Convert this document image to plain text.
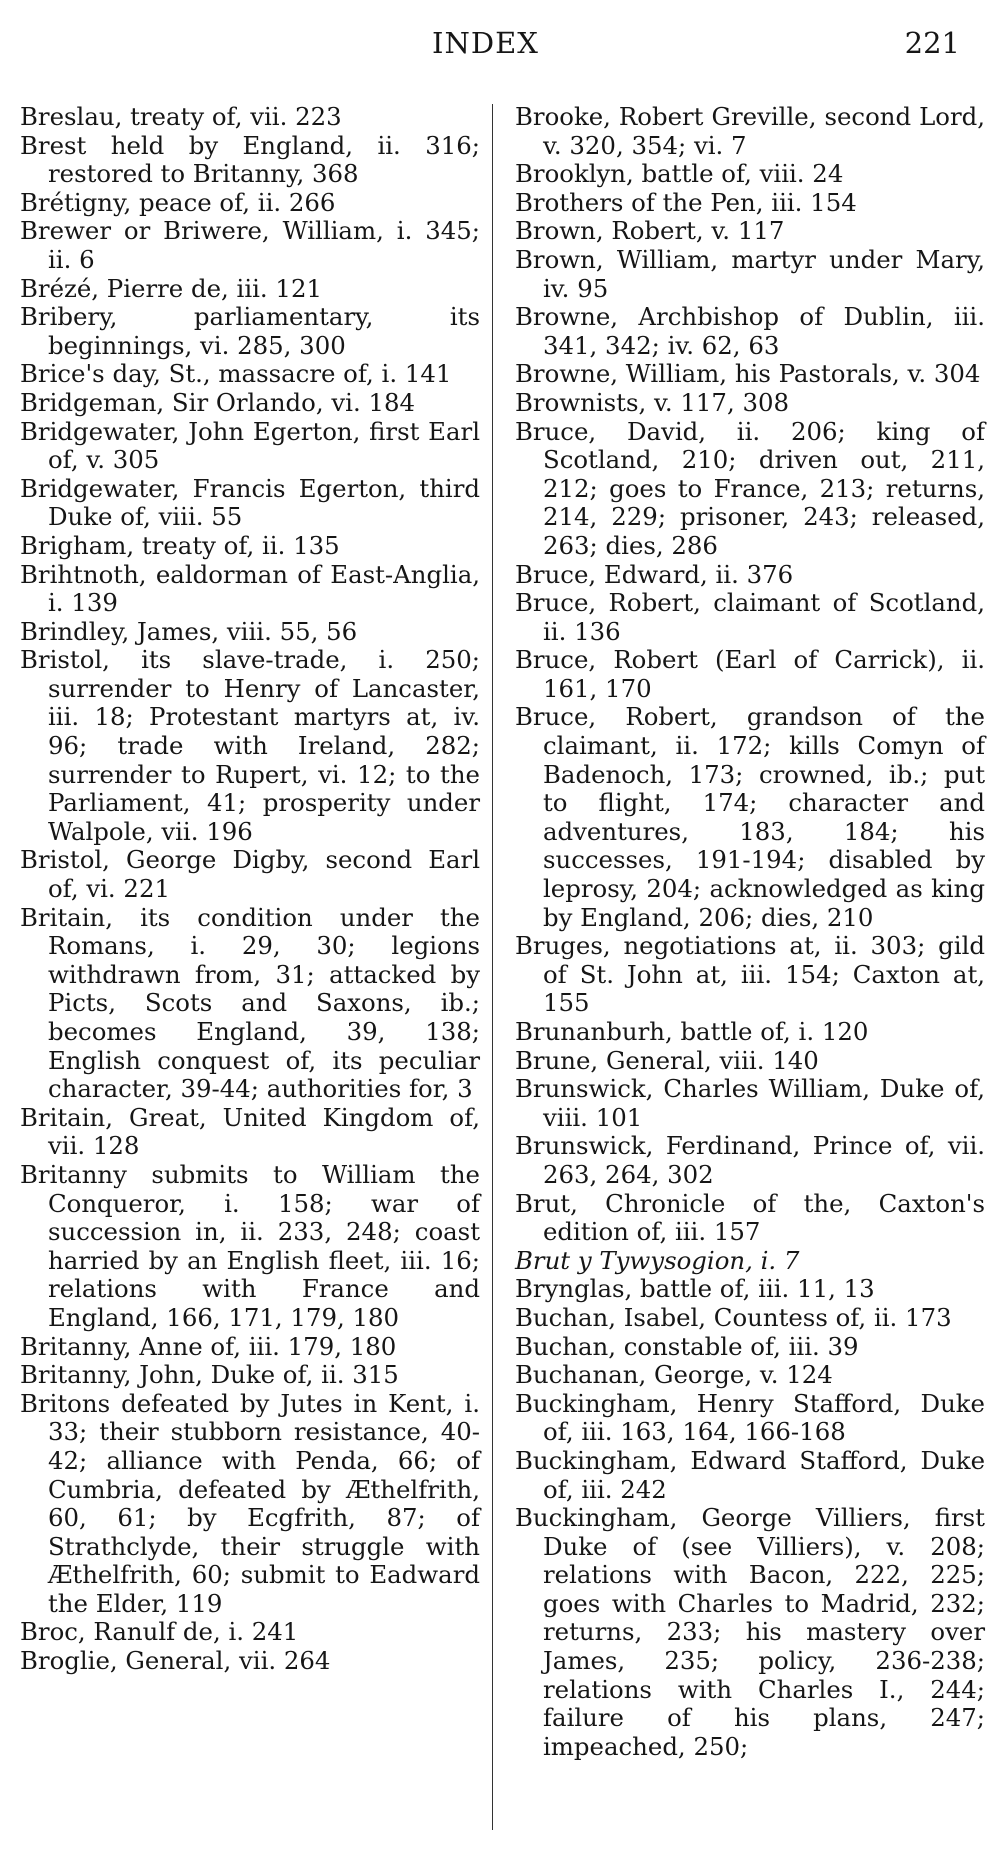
INDEX	221

Breslau, treaty of, vii. 223

Brest held by England, ii. 316; restored to Britanny, 368

Brétigny, peace of, ii. 266

Brewer or Briwere, William, i. 345; ii. 6

Brézé, Pierre de, iii. 121

Bribery, parliamentary, its beginnings, vi. 285, 300

Brice's day, St., massacre of, i. 141

Bridgeman, Sir Orlando, vi. 184

Bridgewater, John Egerton, first Earl of, v. 305

Bridgewater, Francis Egerton, third Duke of, viii. 55

Brigham, treaty of, ii. 135

Brihtnoth, ealdorman of East-Anglia, i. 139

Brindley, James, viii. 55, 56

Bristol, its slave-trade, i. 250; surrender to Henry of Lancaster, iii. 18; Protestant martyrs at, iv. 96; trade with Ireland, 282; surrender to Rupert, vi. 12; to the Parliament, 41; prosperity under Walpole, vii. 196

Bristol, George Digby, second Earl of, vi. 221

Britain, its condition under the Romans, i. 29, 30; legions withdrawn from, 31; attacked by Picts, Scots and Saxons, ib.; becomes England, 39, 138; English conquest of, its peculiar character, 39-44; authorities for, 3

Britain, Great, United Kingdom of, vii. 128

Britanny submits to William the Conqueror, i. 158; war of succession in, ii. 233, 248; coast harried by an English fleet, iii. 16; relations with France and England, 166, 171, 179, 180

Britanny, Anne of, iii. 179, 180

Britanny, John, Duke of, ii. 315

Britons defeated by Jutes in Kent, i. 33; their stubborn resistance, 40-42; alliance with Penda, 66; of Cumbria, defeated by Æthelfrith, 60, 61; by Ecgfrith, 87; of Strathclyde, their struggle with Æthelfrith, 60; submit to Eadward the Elder, 119

Broc, Ranulf de, i. 241

Broglie, General, vii. 264

Brooke, Robert Greville, second Lord, v. 320, 354; vi. 7

Brooklyn, battle of, viii. 24

Brothers of the Pen, iii. 154

Brown, Robert, v. 117

Brown, William, martyr under Mary, iv. 95

Browne, Archbishop of Dublin, iii. 341, 342; iv. 62, 63

Browne, William, his Pastorals, v. 304

Brownists, v. 117, 308

Bruce, David, ii. 206; king of Scotland, 210; driven out, 211, 212; goes to France, 213; returns, 214, 229; prisoner, 243; released, 263; dies, 286

Bruce, Edward, ii. 376

Bruce, Robert, claimant of Scotland, ii. 136

Bruce, Robert (Earl of Carrick), ii. 161, 170

Bruce, Robert, grandson of the claimant, ii. 172; kills Comyn of Badenoch, 173; crowned, ib.; put to flight, 174; character and adventures, 183, 184; his successes, 191-194; disabled by leprosy, 204; acknowledged as king by England, 206; dies, 210

Bruges, negotiations at, ii. 303; gild of St. John at, iii. 154; Caxton at, 155

Brunanburh, battle of, i. 120

Brune, General, viii. 140

Brunswick, Charles William, Duke of, viii. 101

Brunswick, Ferdinand, Prince of, vii. 263, 264, 302

Brut, Chronicle of the, Caxton's edition of, iii. 157

Brut y Tywysogion, i. 7

Brynglas, battle of, iii. 11, 13

Buchan, Isabel, Countess of, ii. 173

Buchan, constable of, iii. 39

Buchanan, George, v. 124

Buckingham, Henry Stafford, Duke of, iii. 163, 164, 166-168

Buckingham, Edward Stafford, Duke of, iii. 242

Buckingham, George Villiers, first Duke of (see Villiers), v. 208; relations with Bacon, 222, 225; goes with Charles to Madrid, 232; returns, 233; his mastery over James, 235; policy, 236-238; relations with Charles I., 244; failure of his plans, 247; impeached, 250;
